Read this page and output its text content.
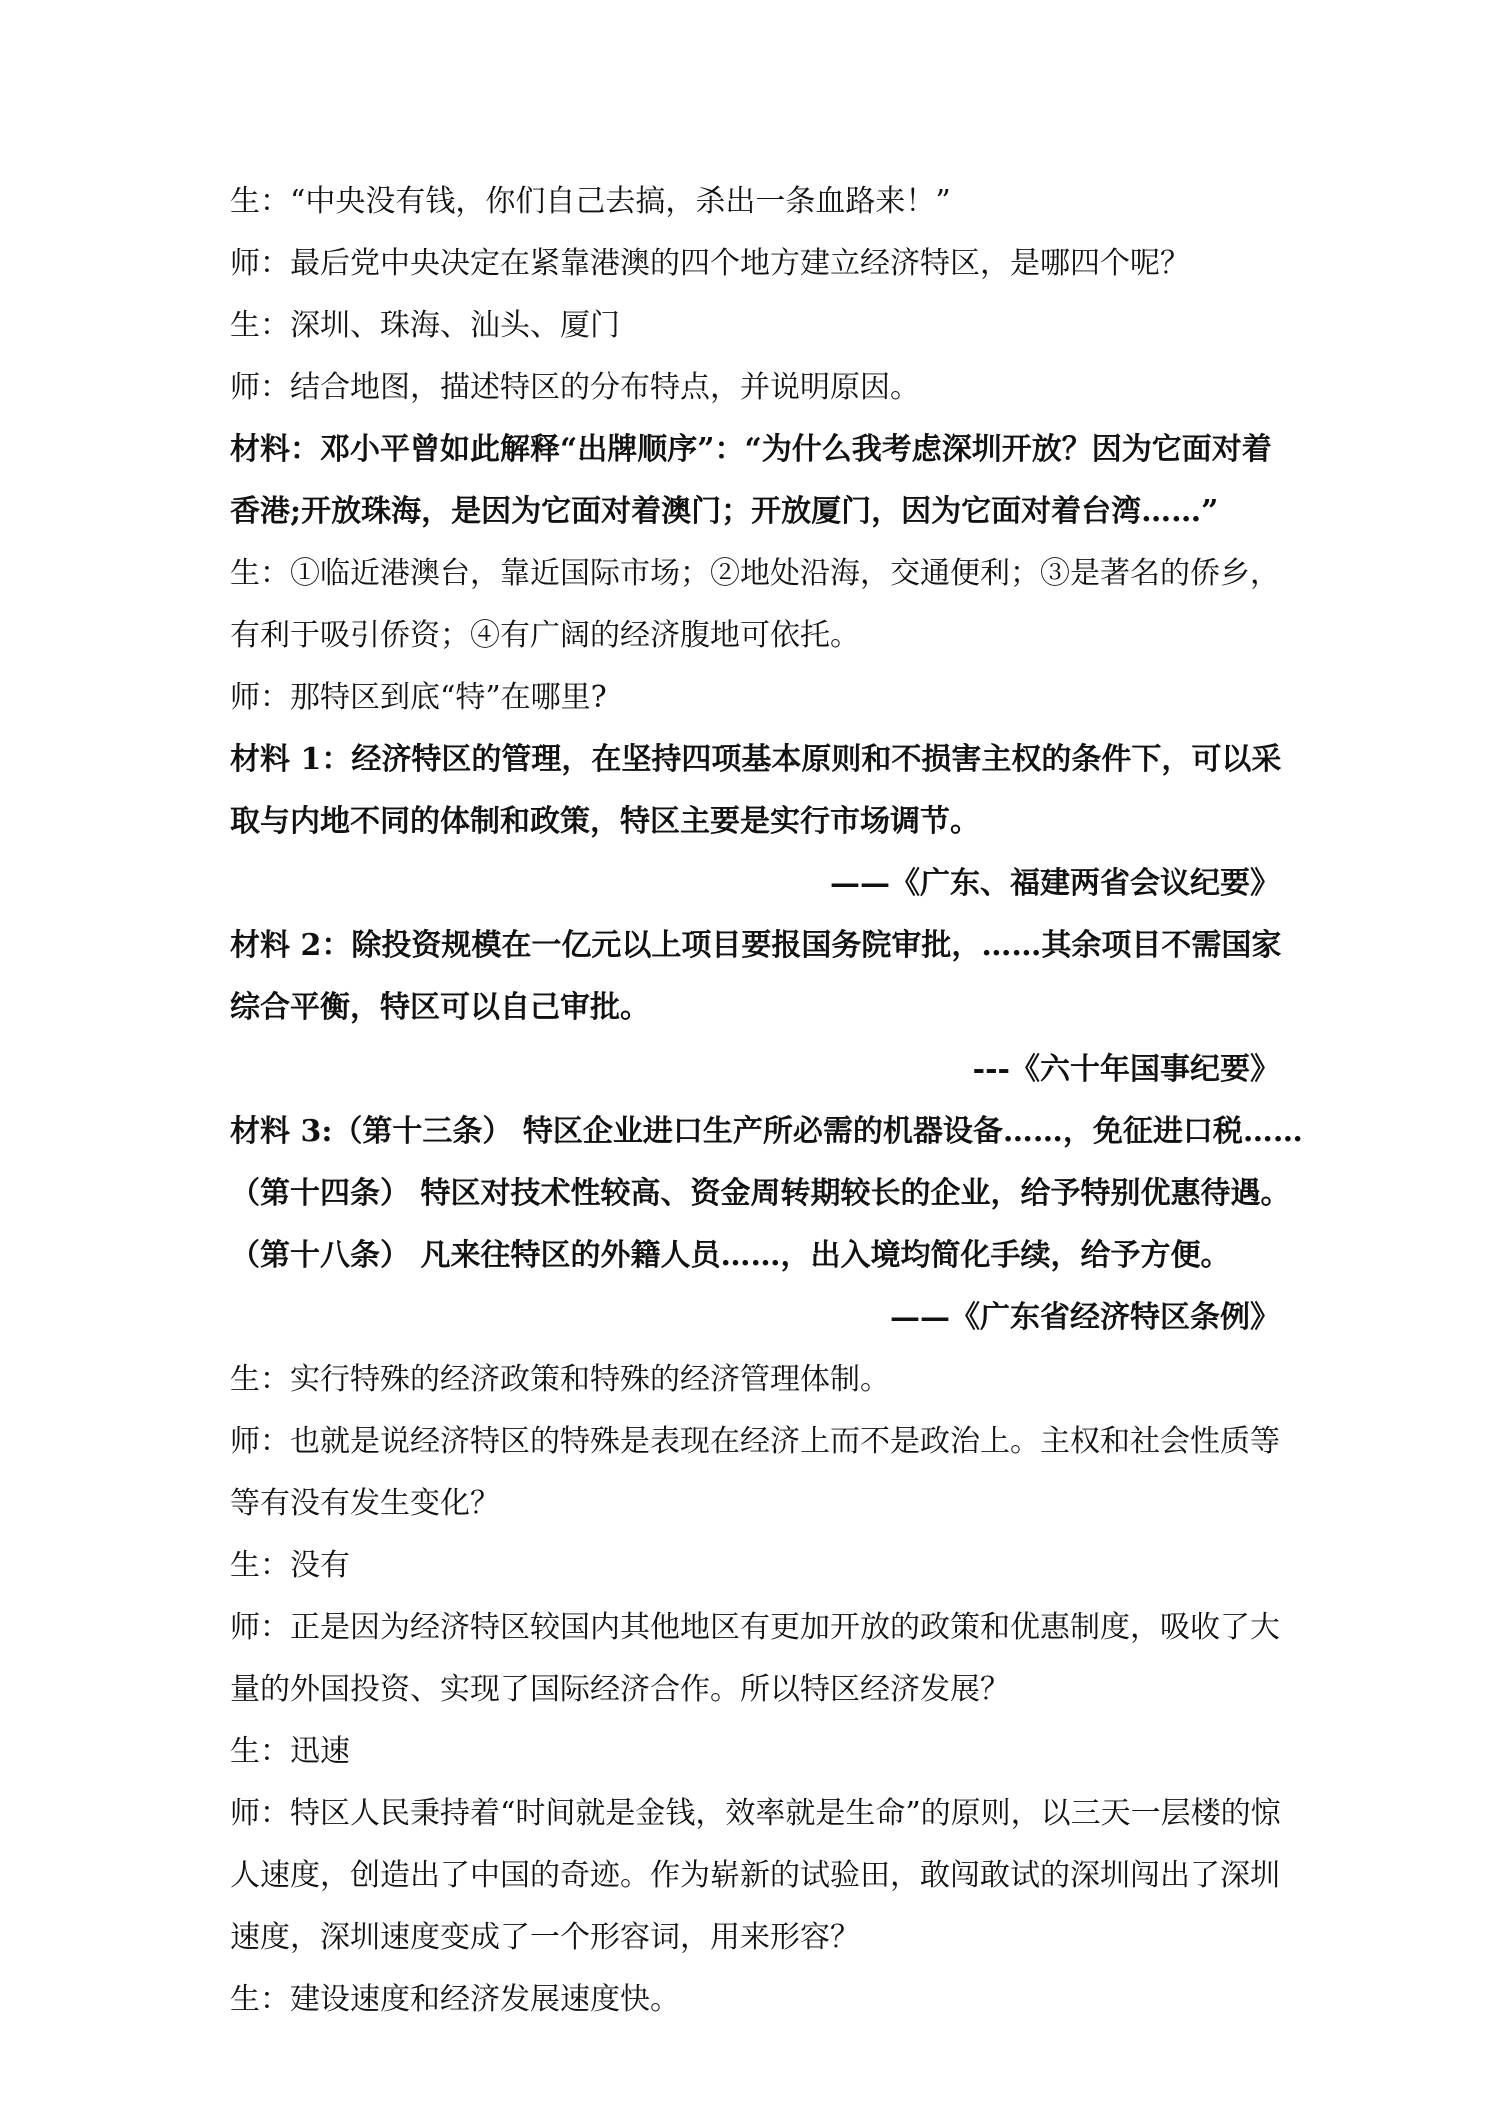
生：“中央没有钱，你们自己去搞，杀出一条血路来！”
师：最后党中央决定在紧靠港澳的四个地方建立经济特区，是哪四个呢？
生：深圳、珠海、汕头、厦门
师：结合地图，描述特区的分布特点，并说明原因。
材料：邓小平曾如此解释“出牌顺序”：“为什么我考虑深圳开放？因为它面对着
香港;开放珠海，是因为它面对着澳门；开放厦门，因为它面对着台湾……”
生：①临近港澳台，靠近国际市场；②地处沿海，交通便利；③是著名的侨乡，
有利于吸引侨资；④有广阔的经济腹地可依托。
师：那特区到底“特”在哪里?
材料 1：经济特区的管理，在坚持四项基本原则和不损害主权的条件下，可以采
取与内地不同的体制和政策，特区主要是实行市场调节。
——《广东、福建两省会议纪要》
材料 2：除投资规模在一亿元以上项目要报国务院审批，……其余项目不需国家
综合平衡，特区可以自己审批。
---《六十年国事纪要》
材料 3:（第十三条） 特区企业进口生产所必需的机器设备……，免征进口税……
（第十四条） 特区对技术性较高、资金周转期较长的企业，给予特别优惠待遇。
（第十八条） 凡来往特区的外籍人员……，出入境均简化手续，给予方便。
——《广东省经济特区条例》
生：实行特殊的经济政策和特殊的经济管理体制。
师：也就是说经济特区的特殊是表现在经济上而不是政治上。主权和社会性质等
等有没有发生变化？
生：没有
师：正是因为经济特区较国内其他地区有更加开放的政策和优惠制度，吸收了大
量的外国投资、实现了国际经济合作。所以特区经济发展？
生：迅速
师：特区人民秉持着“时间就是金钱，效率就是生命”的原则，以三天一层楼的惊
人速度，创造出了中国的奇迹。作为崭新的试验田，敢闯敢试的深圳闯出了深圳
速度，深圳速度变成了一个形容词，用来形容？
生：建设速度和经济发展速度快。
